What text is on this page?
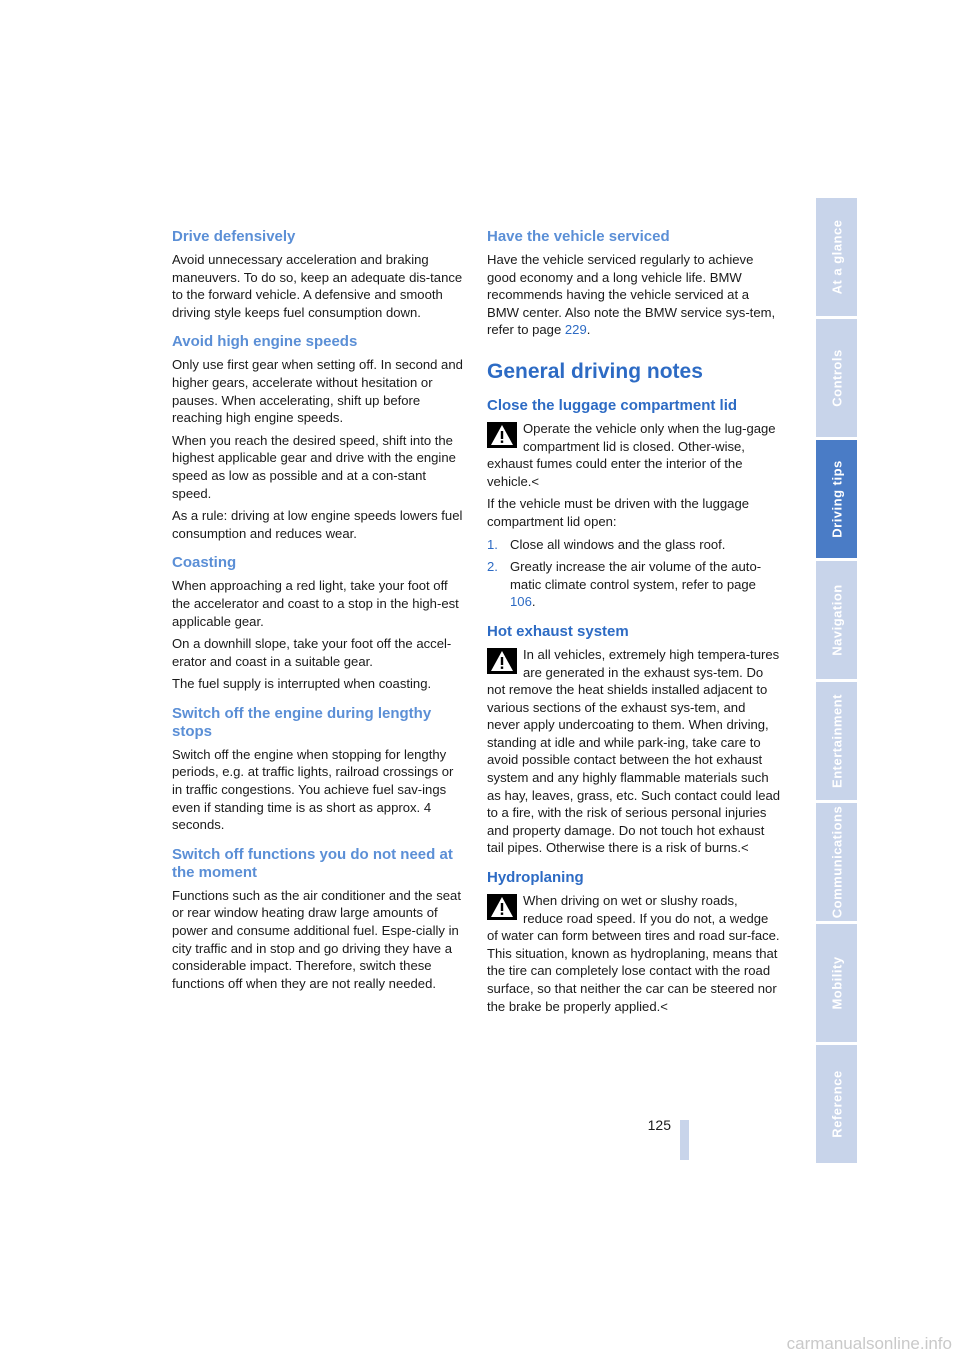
Drive defensively

Avoid unnecessary acceleration and braking maneuvers. To do so, keep an adequate dis-tance to the forward vehicle. A defensive and smooth driving style keeps fuel consumption down.

Avoid high engine speeds

Only use first gear when setting off. In second and higher gears, accelerate without hesitation or pauses. When accelerating, shift up before reaching high engine speeds.

When you reach the desired speed, shift into the highest applicable gear and drive with the engine speed as low as possible and at a con-stant speed.

As a rule: driving at low engine speeds lowers fuel consumption and reduces wear.

Coasting

When approaching a red light, take your foot off the accelerator and coast to a stop in the high-est applicable gear.

On a downhill slope, take your foot off the accel-erator and coast in a suitable gear.

The fuel supply is interrupted when coasting.

Switch off the engine during lengthy stops

Switch off the engine when stopping for lengthy periods, e.g. at traffic lights, railroad crossings or in traffic congestions. You achieve fuel sav-ings even if standing time is as short as approx. 4 seconds.

Switch off functions you do not need at the moment

Functions such as the air conditioner and the seat or rear window heating draw large amounts of power and consume additional fuel. Espe-cially in city traffic and in stop and go driving they have a considerable impact. Therefore, switch these functions off when they are not really needed.

Have the vehicle serviced

Have the vehicle serviced regularly to achieve good economy and a long vehicle life. BMW recommends having the vehicle serviced at a BMW center. Also note the BMW service sys-tem, refer to page 229.

General driving notes
Close the luggage compartment lid

Operate the vehicle only when the lug-gage compartment lid is closed. Other-wise, exhaust fumes could enter the interior of the vehicle.<

If the vehicle must be driven with the luggage compartment lid open:

1. Close all windows and the glass roof.
2. Greatly increase the air volume of the auto-matic climate control system, refer to page 106.
Hot exhaust system

In all vehicles, extremely high tempera-tures are generated in the exhaust sys-tem. Do not remove the heat shields installed adjacent to various sections of the exhaust sys-tem, and never apply undercoating to them. When driving, standing at idle and while park-ing, take care to avoid possible contact between the hot exhaust system and any highly flammable materials such as hay, leaves, grass, etc. Such contact could lead to a fire, with the risk of serious personal injuries and property damage. Do not touch hot exhaust tail pipes. Otherwise there is a risk of burns.<

Hydroplaning

When driving on wet or slushy roads, reduce road speed. If you do not, a wedge of water can form between tires and road sur-face. This situation, known as hydroplaning, means that the tire can completely lose contact with the road surface, so that neither the car can be steered nor the brake be properly applied.<

At a glance
Controls
Driving tips
Navigation
Entertainment
Communications
Mobility
Reference
125
carmanualsonline.info
